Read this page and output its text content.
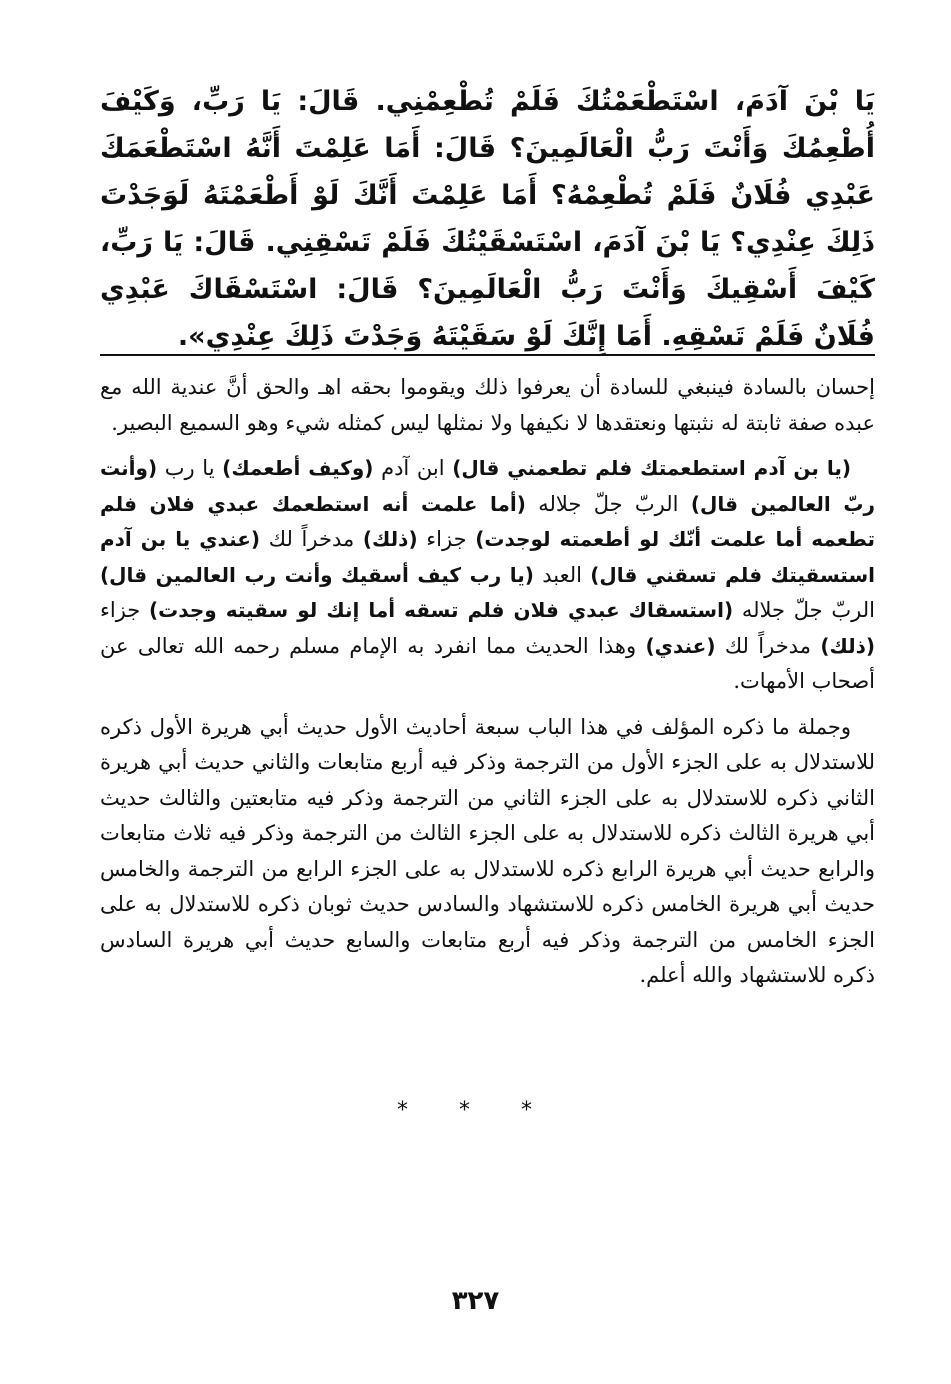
يَا بْنَ آدَمَ، اسْتَطْعَمْتُكَ فَلَمْ تُطْعِمْنِي. قَالَ: يَا رَبِّ، وَكَيْفَ أُطْعِمُكَ وَأَنْتَ رَبُّ الْعَالَمِينَ؟ قَالَ: أَمَا عَلِمْتَ أَنَّهُ اسْتَطْعَمَكَ عَبْدِي فُلَانٌ فَلَمْ تُطْعِمْهُ؟ أَمَا عَلِمْتَ أَنَّكَ لَوْ أَطْعَمْتَهُ لَوَجَدْتَ ذَلِكَ عِنْدِي؟ يَا بْنَ آدَمَ، اسْتَسْقَيْتُكَ فَلَمْ تَسْقِنِي. قَالَ: يَا رَبِّ، كَيْفَ أَسْقِيكَ وَأَنْتَ رَبُّ الْعَالَمِينَ؟ قَالَ: اسْتَسْقَاكَ عَبْدِي فُلَانٌ فَلَمْ تَسْقِهِ. أَمَا إِنَّكَ لَوْ سَقَيْتَهُ وَجَدْتَ ذَلِكَ عِنْدِي».

إحسان بالسادة فينبغي للسادة أن يعرفوا ذلك ويقوموا بحقه اهـ والحق أنَّ عندية الله مع عبده صفة ثابتة له نثبتها ونعتقدها لا نكيفها ولا نمثلها ليس كمثله شيء وهو السميع البصير.

(يا بن آدم استطعمتك فلم تطعمني قال) ابن آدم (وكيف أطعمك) يا رب (وأنت ربّ العالمين قال) الربّ جلّ جلاله (أما علمت أنه استطعمك عبدي فلان فلم تطعمه أما علمت أنّك لو أطعمته لوجدت) جزاء (ذلك) مدخراً لك (عندي يا بن آدم استسقيتك فلم تسقني قال) العبد (يا رب كيف أسقيك وأنت رب العالمين قال) الربّ جلّ جلاله (استسقاك عبدي فلان فلم تسقه أما إنك لو سقيته وجدت) جزاء (ذلك) مدخراً لك (عندي) وهذا الحديث مما انفرد به الإمام مسلم رحمه الله تعالى عن أصحاب الأمهات.

وجملة ما ذكره المؤلف في هذا الباب سبعة أحاديث الأول حديث أبي هريرة الأول ذكره للاستدلال به على الجزء الأول من الترجمة وذكر فيه أربع متابعات والثاني حديث أبي هريرة الثاني ذكره للاستدلال به على الجزء الثاني من الترجمة وذكر فيه متابعتين والثالث حديث أبي هريرة الثالث ذكره للاستدلال به على الجزء الثالث من الترجمة وذكر فيه ثلاث متابعات والرابع حديث أبي هريرة الرابع ذكره للاستدلال به على الجزء الرابع من الترجمة والخامس حديث أبي هريرة الخامس ذكره للاستشهاد والسادس حديث ثوبان ذكره للاستدلال به على الجزء الخامس من الترجمة وذكر فيه أربع متابعات والسابع حديث أبي هريرة السادس ذكره للاستشهاد والله أعلم.

* * *
٣٢٧
